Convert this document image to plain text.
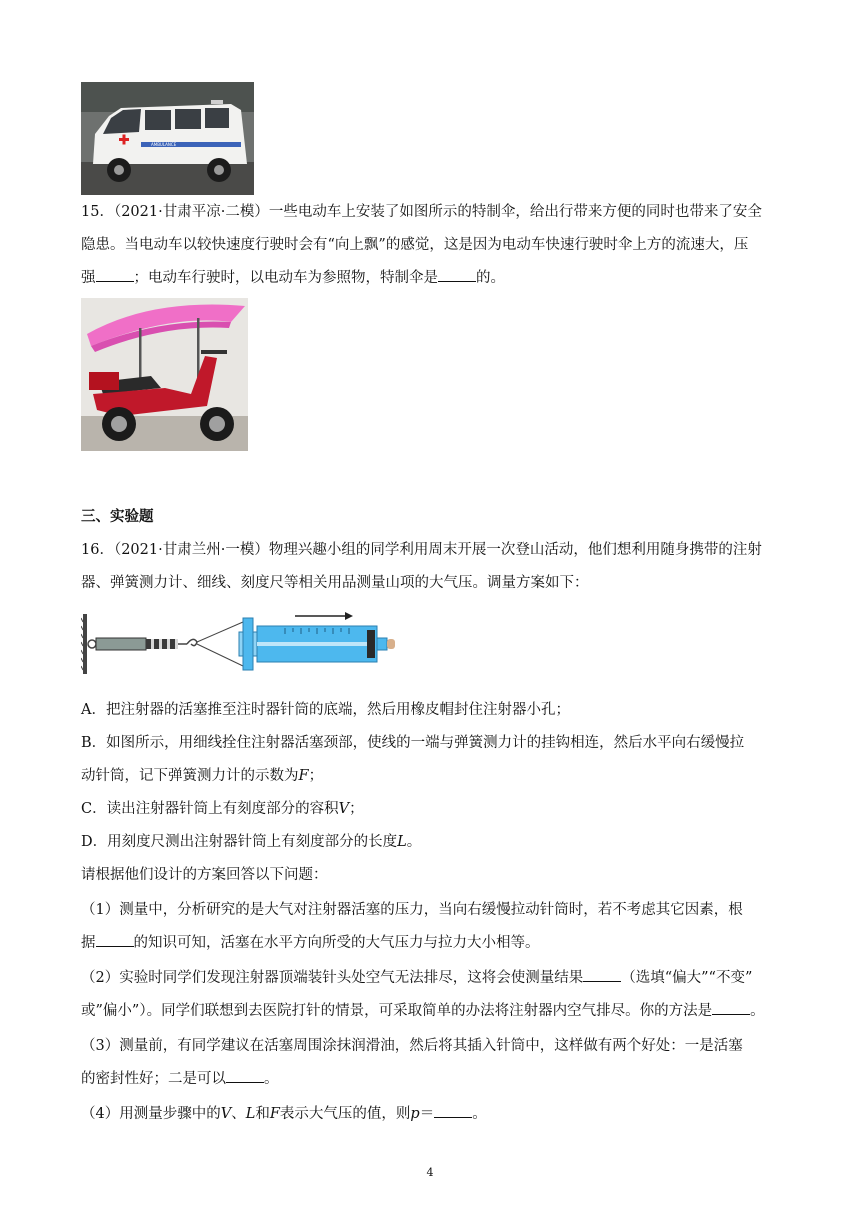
AMBULANCE

15．（2021·甘肃平凉·二模）一些电动车上安装了如图所示的特制伞，给出行带来方便的同时也带来了安全

隐患。当电动车以较快速度行驶时会有“向上飘”的感觉，这是因为电动车快速行驶时伞上方的流速大，压

强	；电动车行驶时，以电动车为参照物，特制伞是	的。

三、实验题

16．（2021·甘肃兰州·一模）物理兴趣小组的同学利用周末开展一次登山活动，他们想利用随身携带的注射

器、弹簧测力计、细线、刻度尺等相关用品测量山项的大气压。调量方案如下：

A．把注射器的活塞推至注时器针筒的底端，然后用橡皮帽封住注射器小孔；

B．如图所示，用细线拴住注射器活塞颈部，使线的一端与弹簧测力计的挂钩相连，然后水平向右缓慢拉

动针筒，记下弹簧测力计的示数为F；

C．读出注射器针筒上有刻度部分的容积V；

D．用刻度尺测出注射器针筒上有刻度部分的长度L。

请根据他们设计的方案回答以下问题：

（1）测量中，分析研究的是大气对注射器活塞的压力，当向右缓慢拉动针筒时，若不考虑其它因素，根

据	的知识可知，活塞在水平方向所受的大气压力与拉力大小相等。

（2）实验时同学们发现注射器顶端装针头处空气无法排尽，这将会使测量结果	（选填“偏大”“不变”

或”偏小”）。同学们联想到去医院打针的情景，可采取简单的办法将注射器内空气排尽。你的方法是	。

（3）测量前，有同学建议在活塞周围涂抹润滑油，然后将其插入针筒中，这样做有两个好处：一是活塞

的密封性好；二是可以	。

（4）用测量步骤中的V、L和F表示大气压的值，则p＝	。

4
